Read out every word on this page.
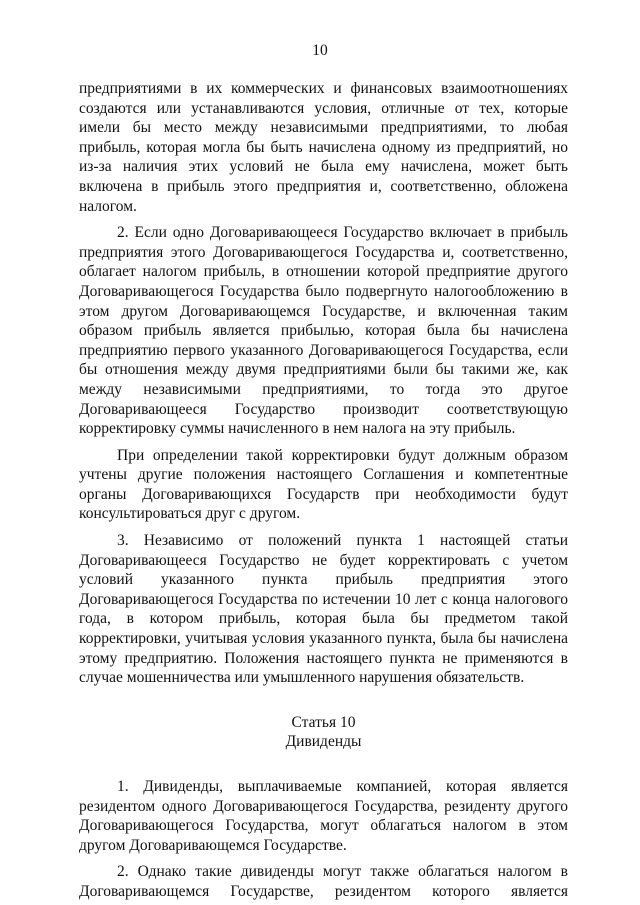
10

предприятиями в их коммерческих и финансовых взаимоотношениях создаются или устанавливаются условия, отличные от тех, которые имели бы место между независимыми предприятиями, то любая прибыль, которая могла бы быть начислена одному из предприятий, но из-за наличия этих условий не была ему начислена, может быть включена в прибыль этого предприятия и, соответственно, обложена налогом.

2. Если одно Договаривающееся Государство включает в прибыль предприятия этого Договаривающегося Государства и, соответственно, облагает налогом прибыль, в отношении которой предприятие другого Договаривающегося Государства было подвергнуто налогообложению в этом другом Договаривающемся Государстве, и включенная таким образом прибыль является прибылью, которая была бы начислена предприятию первого указанного Договаривающегося Государства, если бы отношения между двумя предприятиями были бы такими же, как между независимыми предприятиями, то тогда это другое Договаривающееся Государство производит соответствующую корректировку суммы начисленного в нем налога на эту прибыль.

При определении такой корректировки будут должным образом учтены другие положения настоящего Соглашения и компетентные органы Договаривающихся Государств при необходимости будут консультироваться друг с другом.

3. Независимо от положений пункта 1 настоящей статьи Договаривающееся Государство не будет корректировать с учетом условий указанного пункта прибыль предприятия этого Договаривающегося Государства по истечении 10 лет с конца налогового года, в котором прибыль, которая была бы предметом такой корректировки, учитывая условия указанного пункта, была бы начислена этому предприятию. Положения настоящего пункта не применяются в случае мошенничества или умышленного нарушения обязательств.

Статья 10
Дивиденды

1. Дивиденды, выплачиваемые компанией, которая является резидентом одного Договаривающегося Государства, резиденту другого Договаривающегося Государства, могут облагаться налогом в этом другом Договаривающемся Государстве.

2. Однако такие дивиденды могут также облагаться налогом в Договаривающемся Государстве, резидентом которого является
